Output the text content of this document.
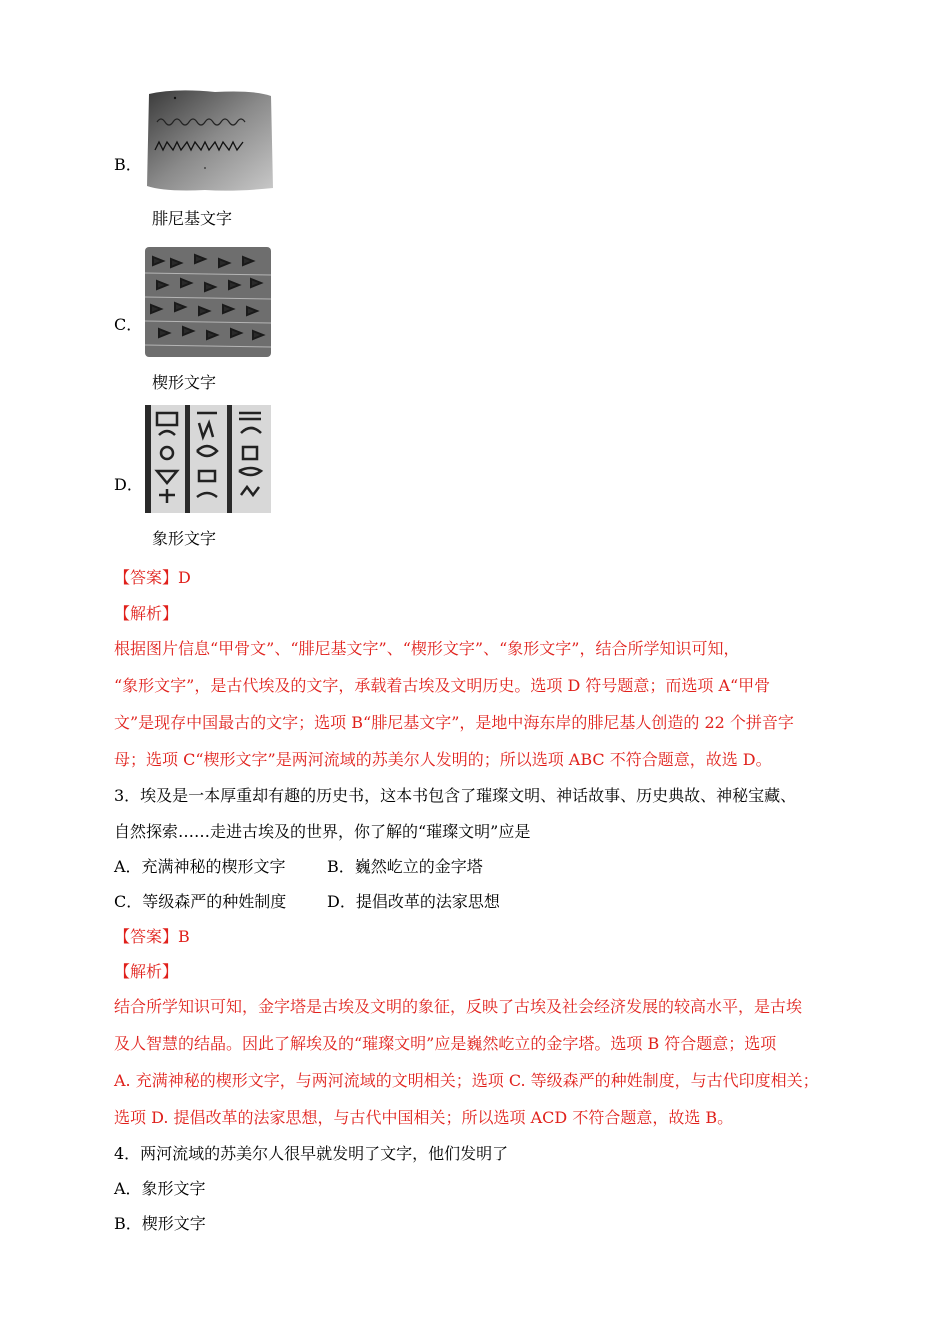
B．
腓尼基文字
C．
楔形文字
D．
象形文字
【答案】D
【解析】
根据图片信息“甲骨文”、“腓尼基文字”、“楔形文字”、“象形文字”，结合所学知识可知，
“象形文字”，是古代埃及的文字，承载着古埃及文明历史。选项 D 符号题意；而选项 A“甲骨
文”是现存中国最古的文字；选项 B“腓尼基文字”，是地中海东岸的腓尼基人创造的 22 个拼音字
母；选项 C“楔形文字”是两河流域的苏美尔人发明的；所以选项 ABC 不符合题意，故选 D。
3．埃及是一本厚重却有趣的历史书，这本书包含了璀璨文明、神话故事、历史典故、神秘宝藏、
自然探索……走进古埃及的世界，你了解的“璀璨文明”应是
A．充满神秘的楔形文字	B．巍然屹立的金字塔
C．等级森严的种姓制度	D．提倡改革的法家思想
【答案】B
【解析】
结合所学知识可知，金字塔是古埃及文明的象征，反映了古埃及社会经济发展的较高水平，是古埃
及人智慧的结晶。因此了解埃及的“璀璨文明”应是巍然屹立的金字塔。选项 B 符合题意；选项
A. 充满神秘的楔形文字，与两河流域的文明相关；选项 C. 等级森严的种姓制度，与古代印度相关；
选项 D. 提倡改革的法家思想，与古代中国相关；所以选项 ACD 不符合题意，故选 B。
4．两河流域的苏美尔人很早就发明了文字，他们发明了
A．象形文字
B．楔形文字
